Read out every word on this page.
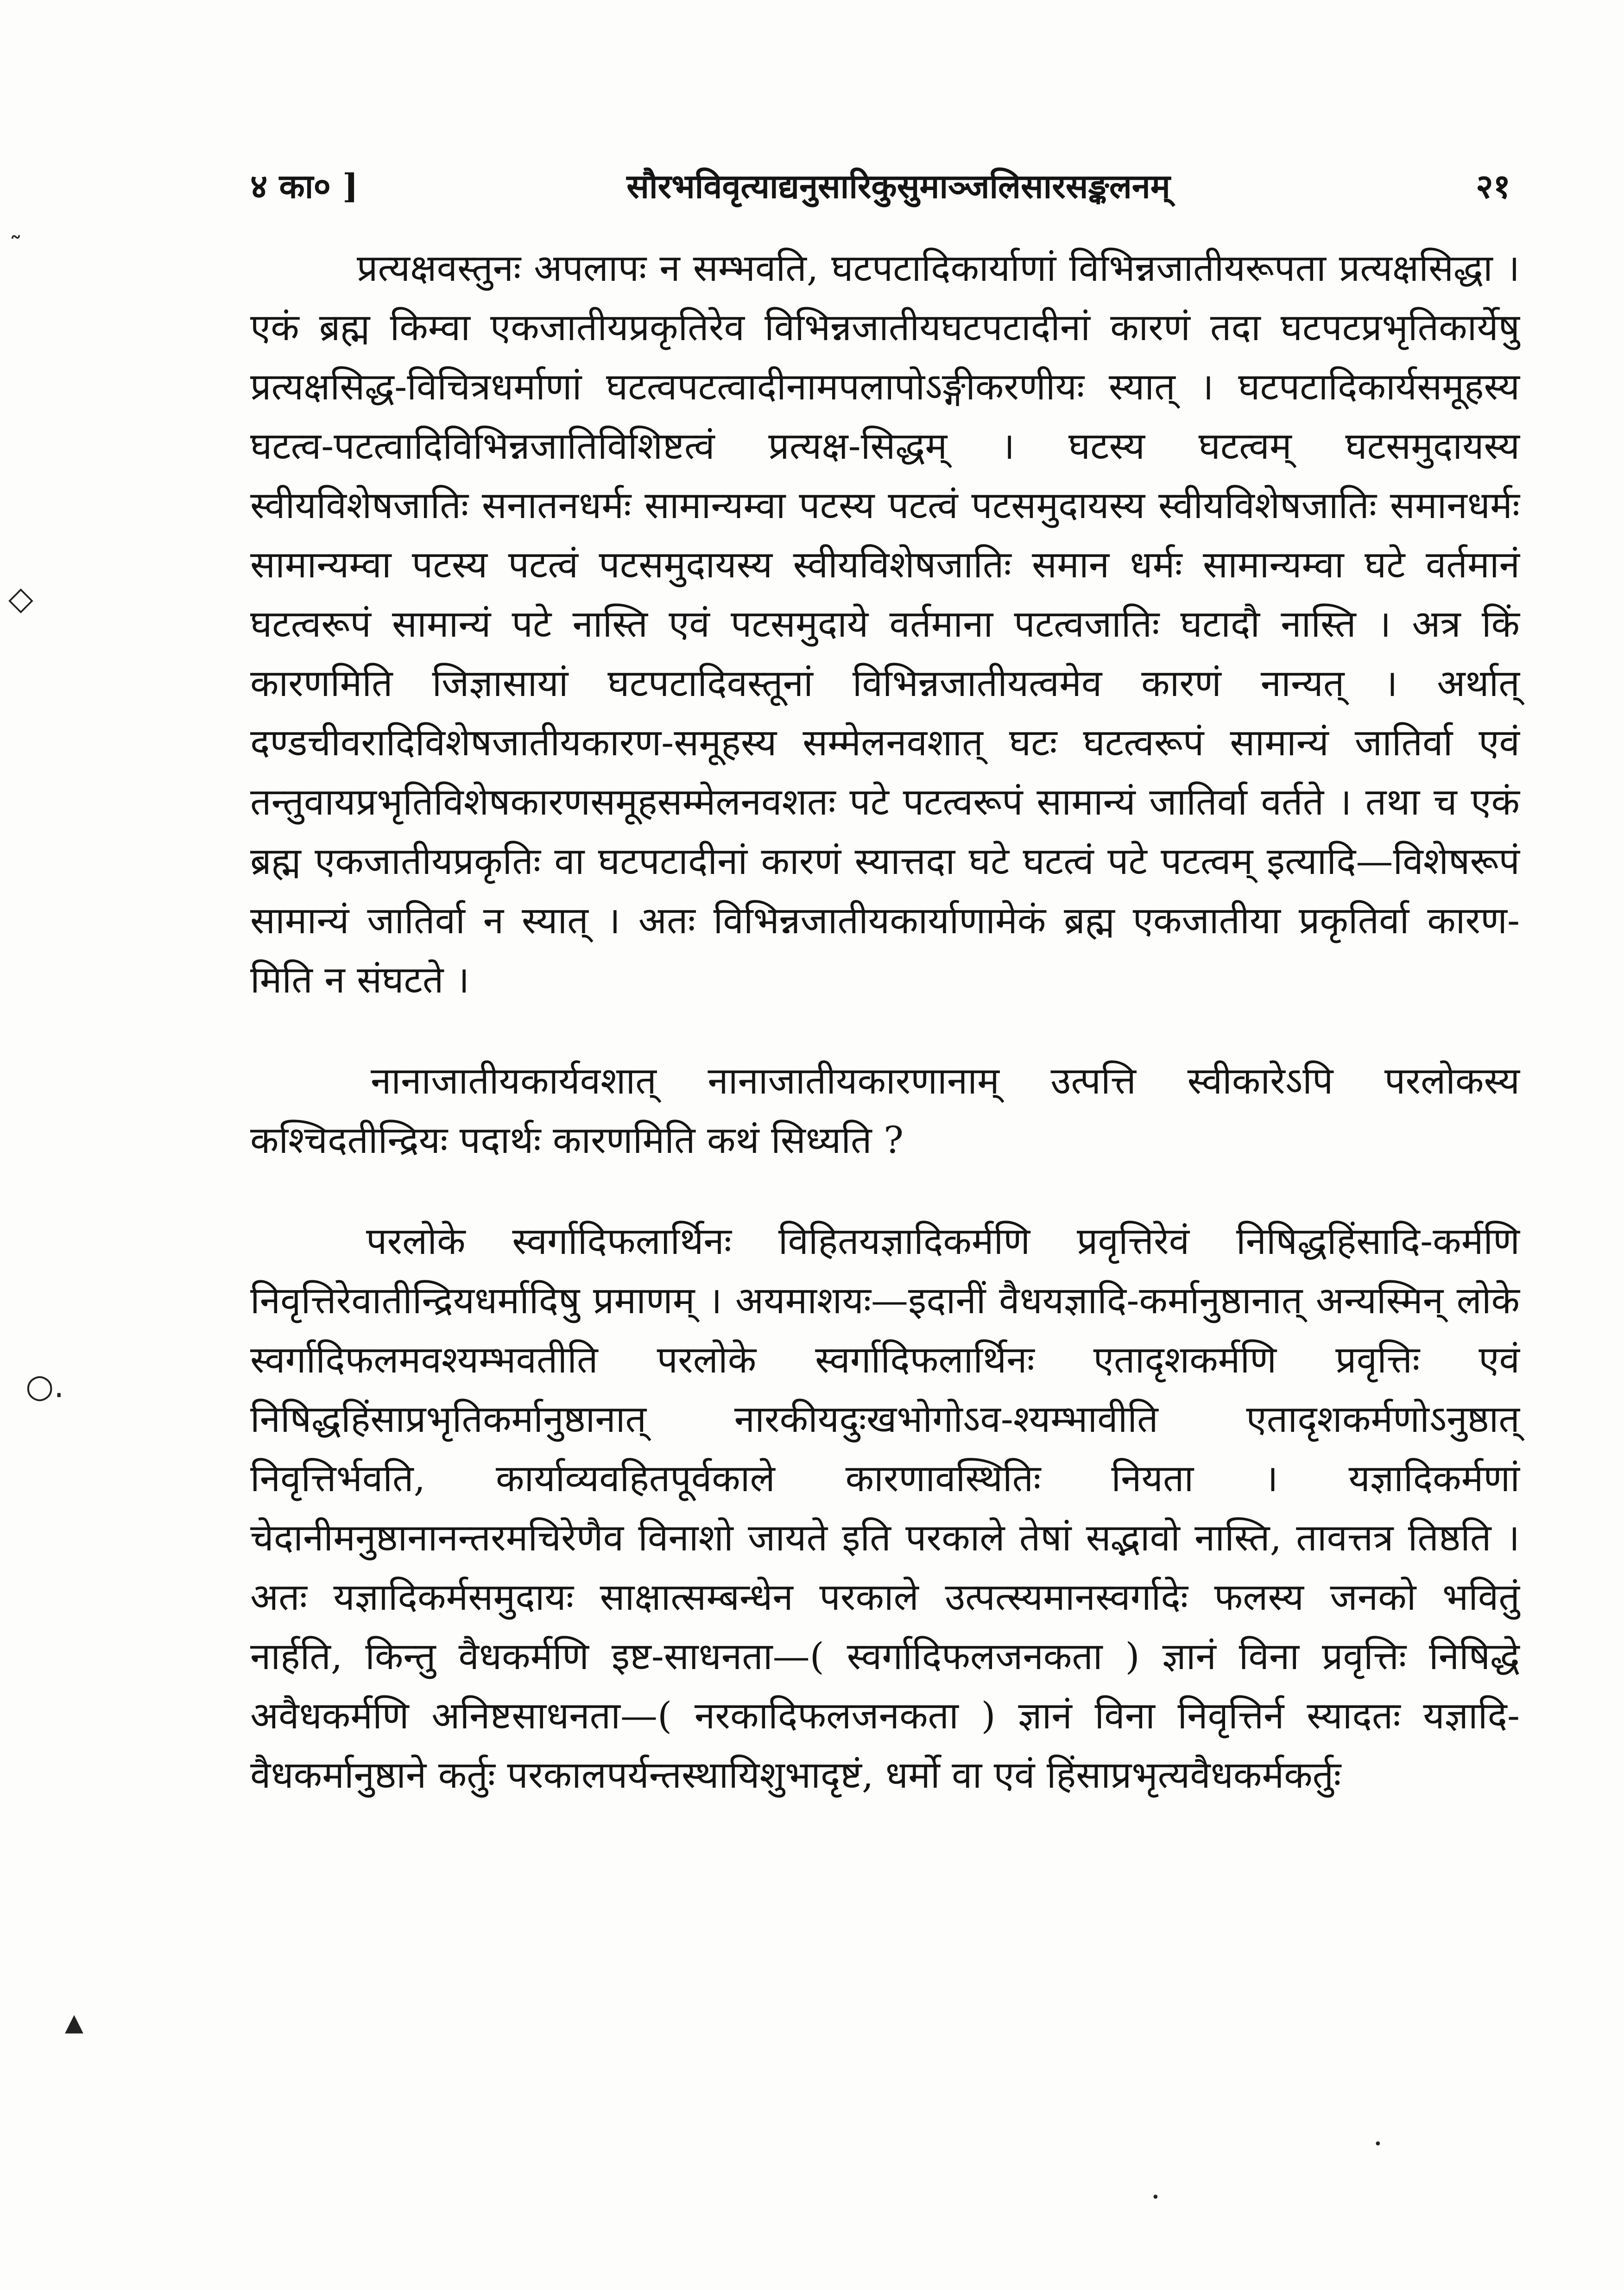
४ का० ]	सौरभविवृत्याद्यनुसारिकुसुमाञ्जलिसारसङ्कलनम्	२१

प्रत्यक्षवस्तुनः अपलापः न सम्भवति, घटपटादिकार्याणां विभिन्नजातीयरूपता प्रत्यक्षसिद्धा । एकं ब्रह्म किम्वा एकजातीयप्रकृतिरेव विभिन्नजातीयघटपटादीनां कारणं तदा घटपटप्रभृतिकार्येषु प्रत्यक्षसिद्ध-विचित्रधर्माणां घटत्वपटत्वादीनामपलापोऽङ्गीकरणीयः स्यात् । घटपटादिकार्यसमूहस्य घटत्व-पटत्वादिविभिन्नजातिविशिष्टत्वं प्रत्यक्ष-सिद्धम् । घटस्य घटत्वम् घटसमुदायस्य स्वीयविशेषजातिः सनातनधर्मः सामान्यम्वा पटस्य पटत्वं पटसमुदायस्य स्वीयविशेषजातिः समानधर्मः सामान्यम्वा पटस्य पटत्वं पटसमुदायस्य स्वीयविशेषजातिः समान धर्मः सामान्यम्वा घटे वर्तमानं घटत्वरूपं सामान्यं पटे नास्ति एवं पटसमुदाये वर्तमाना पटत्वजातिः घटादौ नास्ति । अत्र किं कारणमिति जिज्ञासायां घटपटादिवस्तूनां विभिन्नजातीयत्वमेव कारणं नान्यत् । अर्थात् दण्डचीवरादिविशेषजातीयकारण-समूहस्य सम्मेलनवशात् घटः घटत्वरूपं सामान्यं जातिर्वा एवं तन्तुवायप्रभृतिविशेषकारणसमूहसम्मेलनवशतः पटे पटत्वरूपं सामान्यं जातिर्वा वर्तते । तथा च एकं ब्रह्म एकजातीयप्रकृतिः वा घटपटादीनां कारणं स्यात्तदा घटे घटत्वं पटे पटत्वम् इत्यादि—विशेषरूपं सामान्यं जातिर्वा न स्यात् । अतः विभिन्नजातीयकार्याणामेकं ब्रह्म एकजातीया प्रकृतिर्वा कारण-मिति न संघटते ।

नानाजातीयकार्यवशात् नानाजातीयकारणानाम् उत्पत्ति स्वीकारेऽपि परलोकस्य कश्चिदतीन्द्रियः पदार्थः कारणमिति कथं सिध्यति ?

परलोके स्वर्गादिफलार्थिनः विहितयज्ञादिकर्मणि प्रवृत्तिरेवं निषिद्धहिंसादि-कर्मणि निवृत्तिरेवातीन्द्रियधर्मादिषु प्रमाणम् । अयमाशयः—इदानीं वैधयज्ञादि-कर्मानुष्ठानात् अन्यस्मिन् लोके स्वर्गादिफलमवश्यम्भवतीति परलोके स्वर्गादिफलार्थिनः एतादृशकर्मणि प्रवृत्तिः एवं निषिद्धहिंसाप्रभृतिकर्मानुष्ठानात् नारकीयदुःखभोगोऽव-श्यम्भावीति एतादृशकर्मणोऽनुष्ठात् निवृत्तिर्भवति, कार्याव्यवहितपूर्वकाले कारणावस्थितिः नियता । यज्ञादिकर्मणां चेदानीमनुष्ठानानन्तरमचिरेणैव विनाशो जायते इति परकाले तेषां सद्भावो नास्ति, तावत्तत्र तिष्ठति । अतः यज्ञादिकर्मसमुदायः साक्षात्सम्बन्धेन परकाले उत्पत्स्यमानस्वर्गादेः फलस्य जनको भवितुं नार्हति, किन्तु वैधकर्मणि इष्ट-साधनता—( स्वर्गादिफलजनकता ) ज्ञानं विना प्रवृत्तिः निषिद्धे अवैधकर्मणि अनिष्टसाधनता—( नरकादिफलजनकता ) ज्ञानं विना निवृत्तिर्न स्यादतः यज्ञादि-वैधकर्मानुष्ठाने कर्तुः परकालपर्यन्तस्थायिशुभादृष्टं, धर्मो वा एवं हिंसाप्रभृत्यवैधकर्मकर्तुः

˜
◇
○.
▲
•
•
